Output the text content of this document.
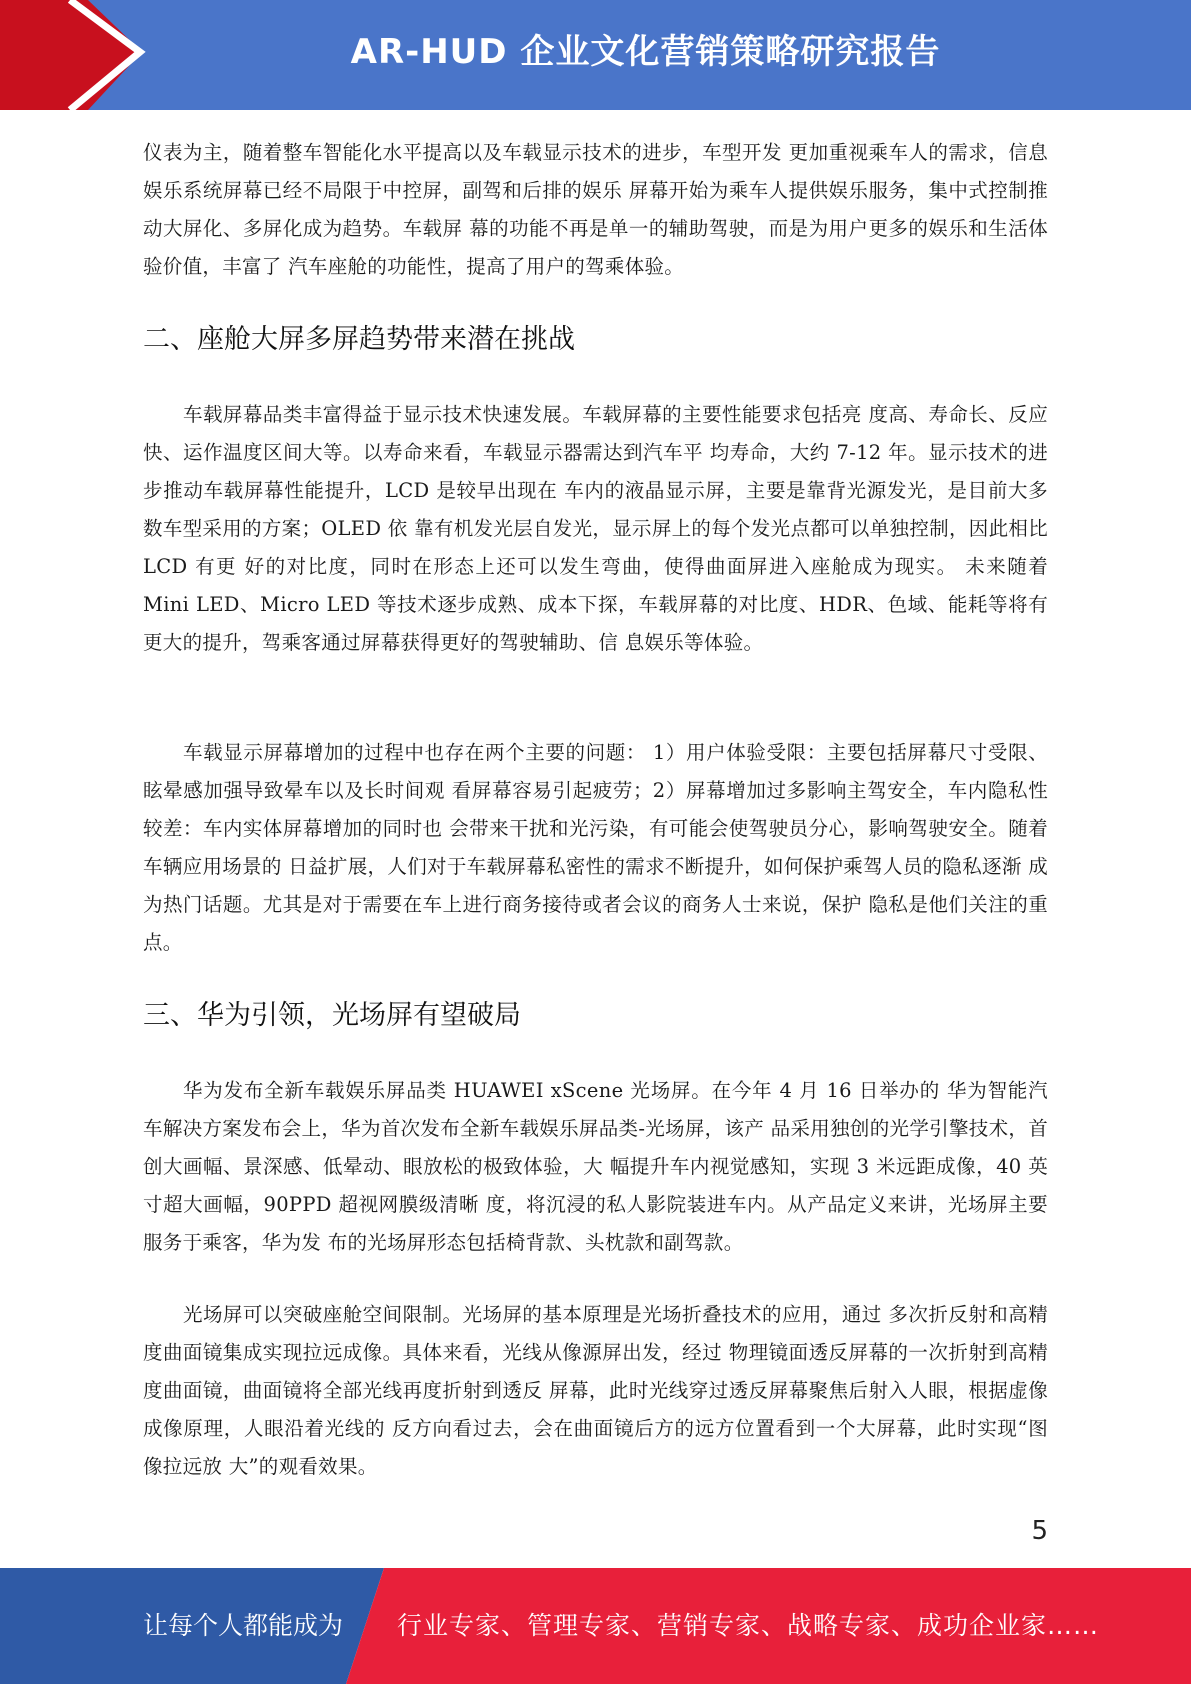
AR-HUD 企业文化营销策略研究报告

仪表为主，随着整车智能化水平提高以及车载显示技术的进步，车型开发 更加重视乘车人的需求，信息娱乐系统屏幕已经不局限于中控屏，副驾和后排的娱乐 屏幕开始为乘车人提供娱乐服务，集中式控制推动大屏化、多屏化成为趋势。车载屏 幕的功能不再是单一的辅助驾驶，而是为用户更多的娱乐和生活体验价值，丰富了 汽车座舱的功能性，提高了用户的驾乘体验。

二、座舱大屏多屏趋势带来潜在挑战

车载屏幕品类丰富得益于显示技术快速发展。车载屏幕的主要性能要求包括亮 度高、寿命长、反应快、运作温度区间大等。以寿命来看，车载显示器需达到汽车平 均寿命，大约 7-12 年。显示技术的进步推动车载屏幕性能提升，LCD 是较早出现在 车内的液晶显示屏，主要是靠背光源发光，是目前大多数车型采用的方案；OLED 依 靠有机发光层自发光，显示屏上的每个发光点都可以单独控制，因此相比 LCD 有更 好的对比度，同时在形态上还可以发生弯曲，使得曲面屏进入座舱成为现实。 未来随着 Mini LED、Micro LED 等技术逐步成熟、成本下探，车载屏幕的对比度、HDR、色域、能耗等将有更大的提升，驾乘客通过屏幕获得更好的驾驶辅助、信 息娱乐等体验。

车载显示屏幕增加的过程中也存在两个主要的问题： 1）用户体验受限：主要包括屏幕尺寸受限、眩晕感加强导致晕车以及长时间观 看屏幕容易引起疲劳；2）屏幕增加过多影响主驾安全，车内隐私性较差：车内实体屏幕增加的同时也 会带来干扰和光污染，有可能会使驾驶员分心，影响驾驶安全。随着车辆应用场景的 日益扩展，人们对于车载屏幕私密性的需求不断提升，如何保护乘驾人员的隐私逐渐 成为热门话题。尤其是对于需要在车上进行商务接待或者会议的商务人士来说，保护 隐私是他们关注的重点。

三、华为引领，光场屏有望破局

华为发布全新车载娱乐屏品类 HUAWEI xScene 光场屏。在今年 4 月 16 日举办的 华为智能汽车解决方案发布会上，华为首次发布全新车载娱乐屏品类-光场屏，该产 品采用独创的光学引擎技术，首创大画幅、景深感、低晕动、眼放松的极致体验，大 幅提升车内视觉感知，实现 3 米远距成像，40 英寸超大画幅，90PPD 超视网膜级清晰 度，将沉浸的私人影院装进车内。从产品定义来讲，光场屏主要服务于乘客，华为发 布的光场屏形态包括椅背款、头枕款和副驾款。

光场屏可以突破座舱空间限制。光场屏的基本原理是光场折叠技术的应用，通过 多次折反射和高精度曲面镜集成实现拉远成像。具体来看，光线从像源屏出发，经过 物理镜面透反屏幕的一次折射到高精度曲面镜，曲面镜将全部光线再度折射到透反 屏幕，此时光线穿过透反屏幕聚焦后射入人眼，根据虚像成像原理，人眼沿着光线的 反方向看过去，会在曲面镜后方的远方位置看到一个大屏幕，此时实现“图像拉远放 大”的观看效果。

5
让每个人都能成为 行业专家、管理专家、营销专家、战略专家、成功企业家……
